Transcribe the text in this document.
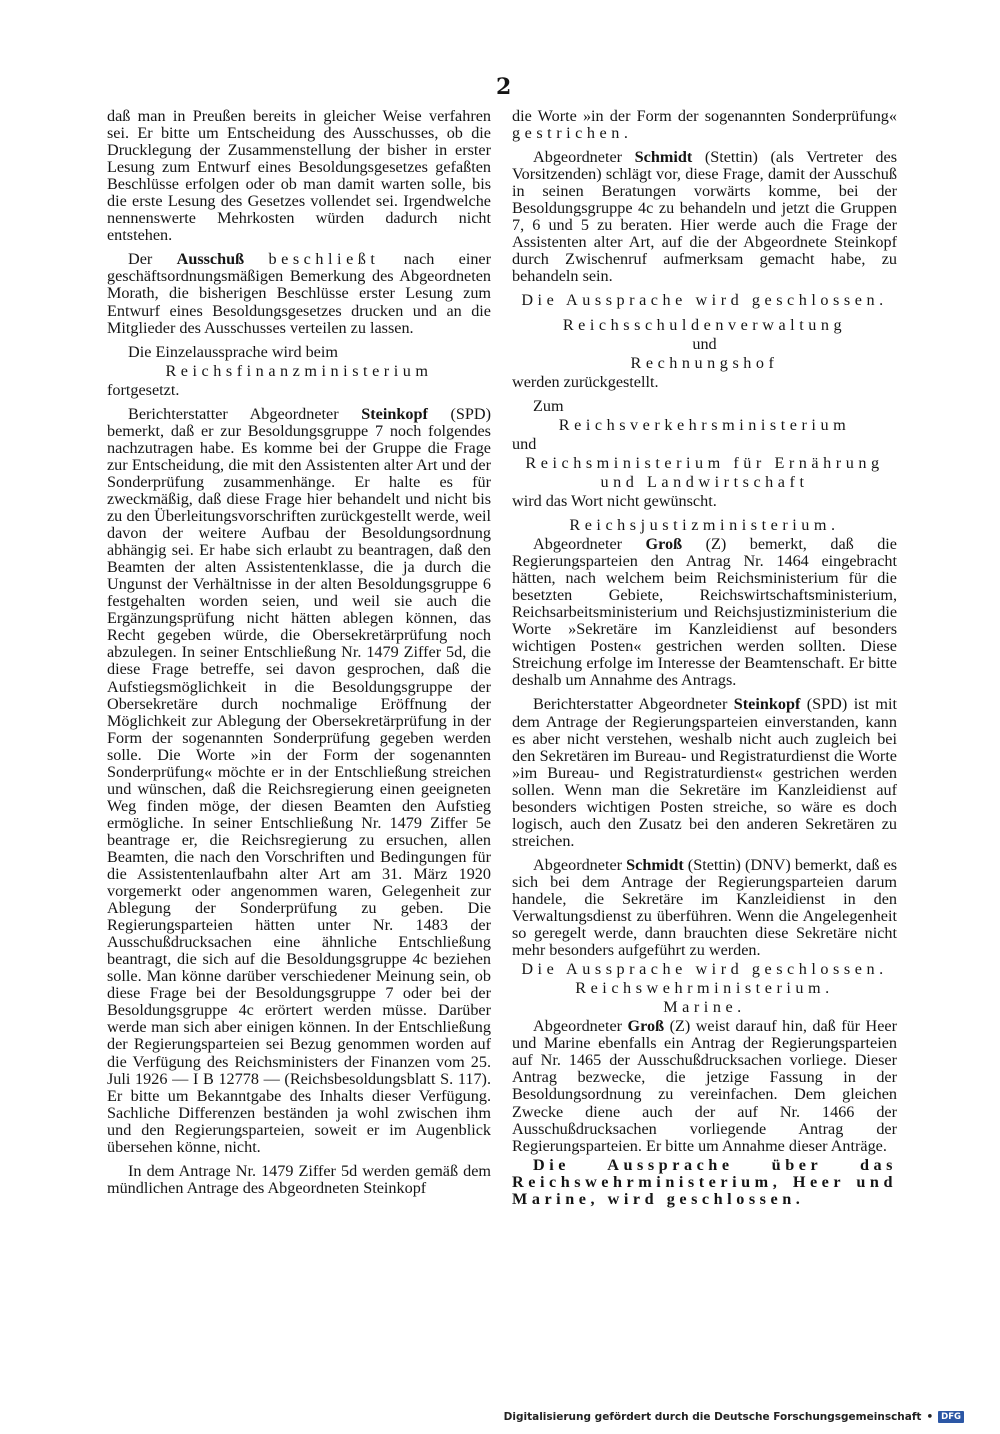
2

daß man in Preußen bereits in gleicher Weise verfahren sei. Er bitte um Entscheidung des Ausschusses, ob die Drucklegung der Zusammenstellung der bisher in erster Lesung zum Entwurf eines Besoldungsgesetzes gefaßten Beschlüsse erfolgen oder ob man damit warten solle, bis die erste Lesung des Gesetzes vollendet sei. Irgendwelche nennenswerte Mehrkosten würden dadurch nicht entstehen.

Der Ausschuß beschließt nach einer geschäftsordnungsmäßigen Bemerkung des Abgeordneten Morath, die bisherigen Beschlüsse erster Lesung zum Entwurf eines Besoldungsgesetzes drucken und an die Mitglieder des Ausschusses verteilen zu lassen.

Die Einzelaussprache wird beim

Reichsfinanzministerium

fortgesetzt.

Berichterstatter Abgeordneter Steinkopf (SPD) bemerkt, daß er zur Besoldungsgruppe 7 noch folgendes nachzutragen habe. Es komme bei der Gruppe die Frage zur Entscheidung, die mit den Assistenten alter Art und der Sonderprüfung zusammenhänge. Er halte es für zweckmäßig, daß diese Frage hier behandelt und nicht bis zu den Überleitungsvorschriften zurückgestellt werde, weil davon der weitere Aufbau der Besoldungsordnung abhängig sei. Er habe sich erlaubt zu beantragen, daß den Beamten der alten Assistentenklasse, die ja durch die Ungunst der Verhältnisse in der alten Besoldungsgruppe 6 festgehalten worden seien, und weil sie auch die Ergänzungsprüfung nicht hätten ablegen können, das Recht gegeben würde, die Obersekretärprüfung noch abzulegen. In seiner Entschließung Nr. 1479 Ziffer 5d, die diese Frage betreffe, sei davon gesprochen, daß die Aufstiegsmöglichkeit in die Besoldungsgruppe der Obersekretäre durch nochmalige Eröffnung der Möglichkeit zur Ablegung der Obersekretärprüfung in der Form der sogenannten Sonderprüfung gegeben werden solle. Die Worte »in der Form der sogenannten Sonderprüfung« möchte er in der Entschließung streichen und wünschen, daß die Reichsregierung einen geeigneten Weg finden möge, der diesen Beamten den Aufstieg ermögliche. In seiner Entschließung Nr. 1479 Ziffer 5e beantrage er, die Reichsregierung zu ersuchen, allen Beamten, die nach den Vorschriften und Bedingungen für die Assistentenlaufbahn alter Art am 31. März 1920 vorgemerkt oder angenommen waren, Gelegenheit zur Ablegung der Sonderprüfung zu geben. Die Regierungsparteien hätten unter Nr. 1483 der Ausschußdrucksachen eine ähnliche Entschließung beantragt, die sich auf die Besoldungsgruppe 4c beziehen solle. Man könne darüber verschiedener Meinung sein, ob diese Frage bei der Besoldungsgruppe 7 oder bei der Besoldungsgruppe 4c erörtert werden müsse. Darüber werde man sich aber einigen können. In der Entschließung der Regierungsparteien sei Bezug genommen worden auf die Verfügung des Reichsministers der Finanzen vom 25. Juli 1926 — I B 12778 — (Reichsbesoldungsblatt S. 117). Er bitte um Bekanntgabe des Inhalts dieser Verfügung. Sachliche Differenzen beständen ja wohl zwischen ihm und den Regierungsparteien, soweit er im Augenblick übersehen könne, nicht.

In dem Antrage Nr. 1479 Ziffer 5d werden gemäß dem mündlichen Antrage des Abgeordneten Steinkopf

die Worte »in der Form der sogenannten Sonderprüfung« gestrichen.

Abgeordneter Schmidt (Stettin) (als Vertreter des Vorsitzenden) schlägt vor, diese Frage, damit der Ausschuß in seinen Beratungen vorwärts komme, bei der Besoldungsgruppe 4c zu behandeln und jetzt die Gruppen 7, 6 und 5 zu beraten. Hier werde auch die Frage der Assistenten alter Art, auf die der Abgeordnete Steinkopf durch Zwischenruf aufmerksam gemacht habe, zu behandeln sein.

Die Aussprache wird geschlossen.

Reichsschuldenverwaltung

und

Rechnungshof

werden zurückgestellt.

Zum

Reichsverkehrsministerium

und

Reichsministerium für Ernährung

und Landwirtschaft

wird das Wort nicht gewünscht.

Reichsjustizministerium.

Abgeordneter Groß (Z) bemerkt, daß die Regierungsparteien den Antrag Nr. 1464 eingebracht hätten, nach welchem beim Reichsministerium für die besetzten Gebiete, Reichswirtschaftsministerium, Reichsarbeitsministerium und Reichsjustizministerium die Worte »Sekretäre im Kanzleidienst auf besonders wichtigen Posten« gestrichen werden sollten. Diese Streichung erfolge im Interesse der Beamtenschaft. Er bitte deshalb um Annahme des Antrags.

Berichterstatter Abgeordneter Steinkopf (SPD) ist mit dem Antrage der Regierungsparteien einverstanden, kann es aber nicht verstehen, weshalb nicht auch zugleich bei den Sekretären im Bureau- und Registraturdienst die Worte »im Bureau- und Registraturdienst« gestrichen werden sollen. Wenn man die Sekretäre im Kanzleidienst auf besonders wichtigen Posten streiche, so wäre es doch logisch, auch den Zusatz bei den anderen Sekretären zu streichen.

Abgeordneter Schmidt (Stettin) (DNV) bemerkt, daß es sich bei dem Antrage der Regierungsparteien darum handele, die Sekretäre im Kanzleidienst in den Verwaltungsdienst zu überführen. Wenn die Angelegenheit so geregelt werde, dann brauchten diese Sekretäre nicht mehr besonders aufgeführt zu werden.

Die Aussprache wird geschlossen.

Reichswehrministerium.

Marine.

Abgeordneter Groß (Z) weist darauf hin, daß für Heer und Marine ebenfalls ein Antrag der Regierungsparteien auf Nr. 1465 der Ausschußdrucksachen vorliege. Dieser Antrag bezwecke, die jetzige Fassung in der Besoldungsordnung zu vereinfachen. Dem gleichen Zwecke diene auch der auf Nr. 1466 der Ausschußdrucksachen vorliegende Antrag der Regierungsparteien. Er bitte um Annahme dieser Anträge.

Die Aussprache über das Reichswehrministerium, Heer und Marine, wird geschlossen.

Digitalisierung gefördert durch die Deutsche Forschungsgemeinschaft • DFG
